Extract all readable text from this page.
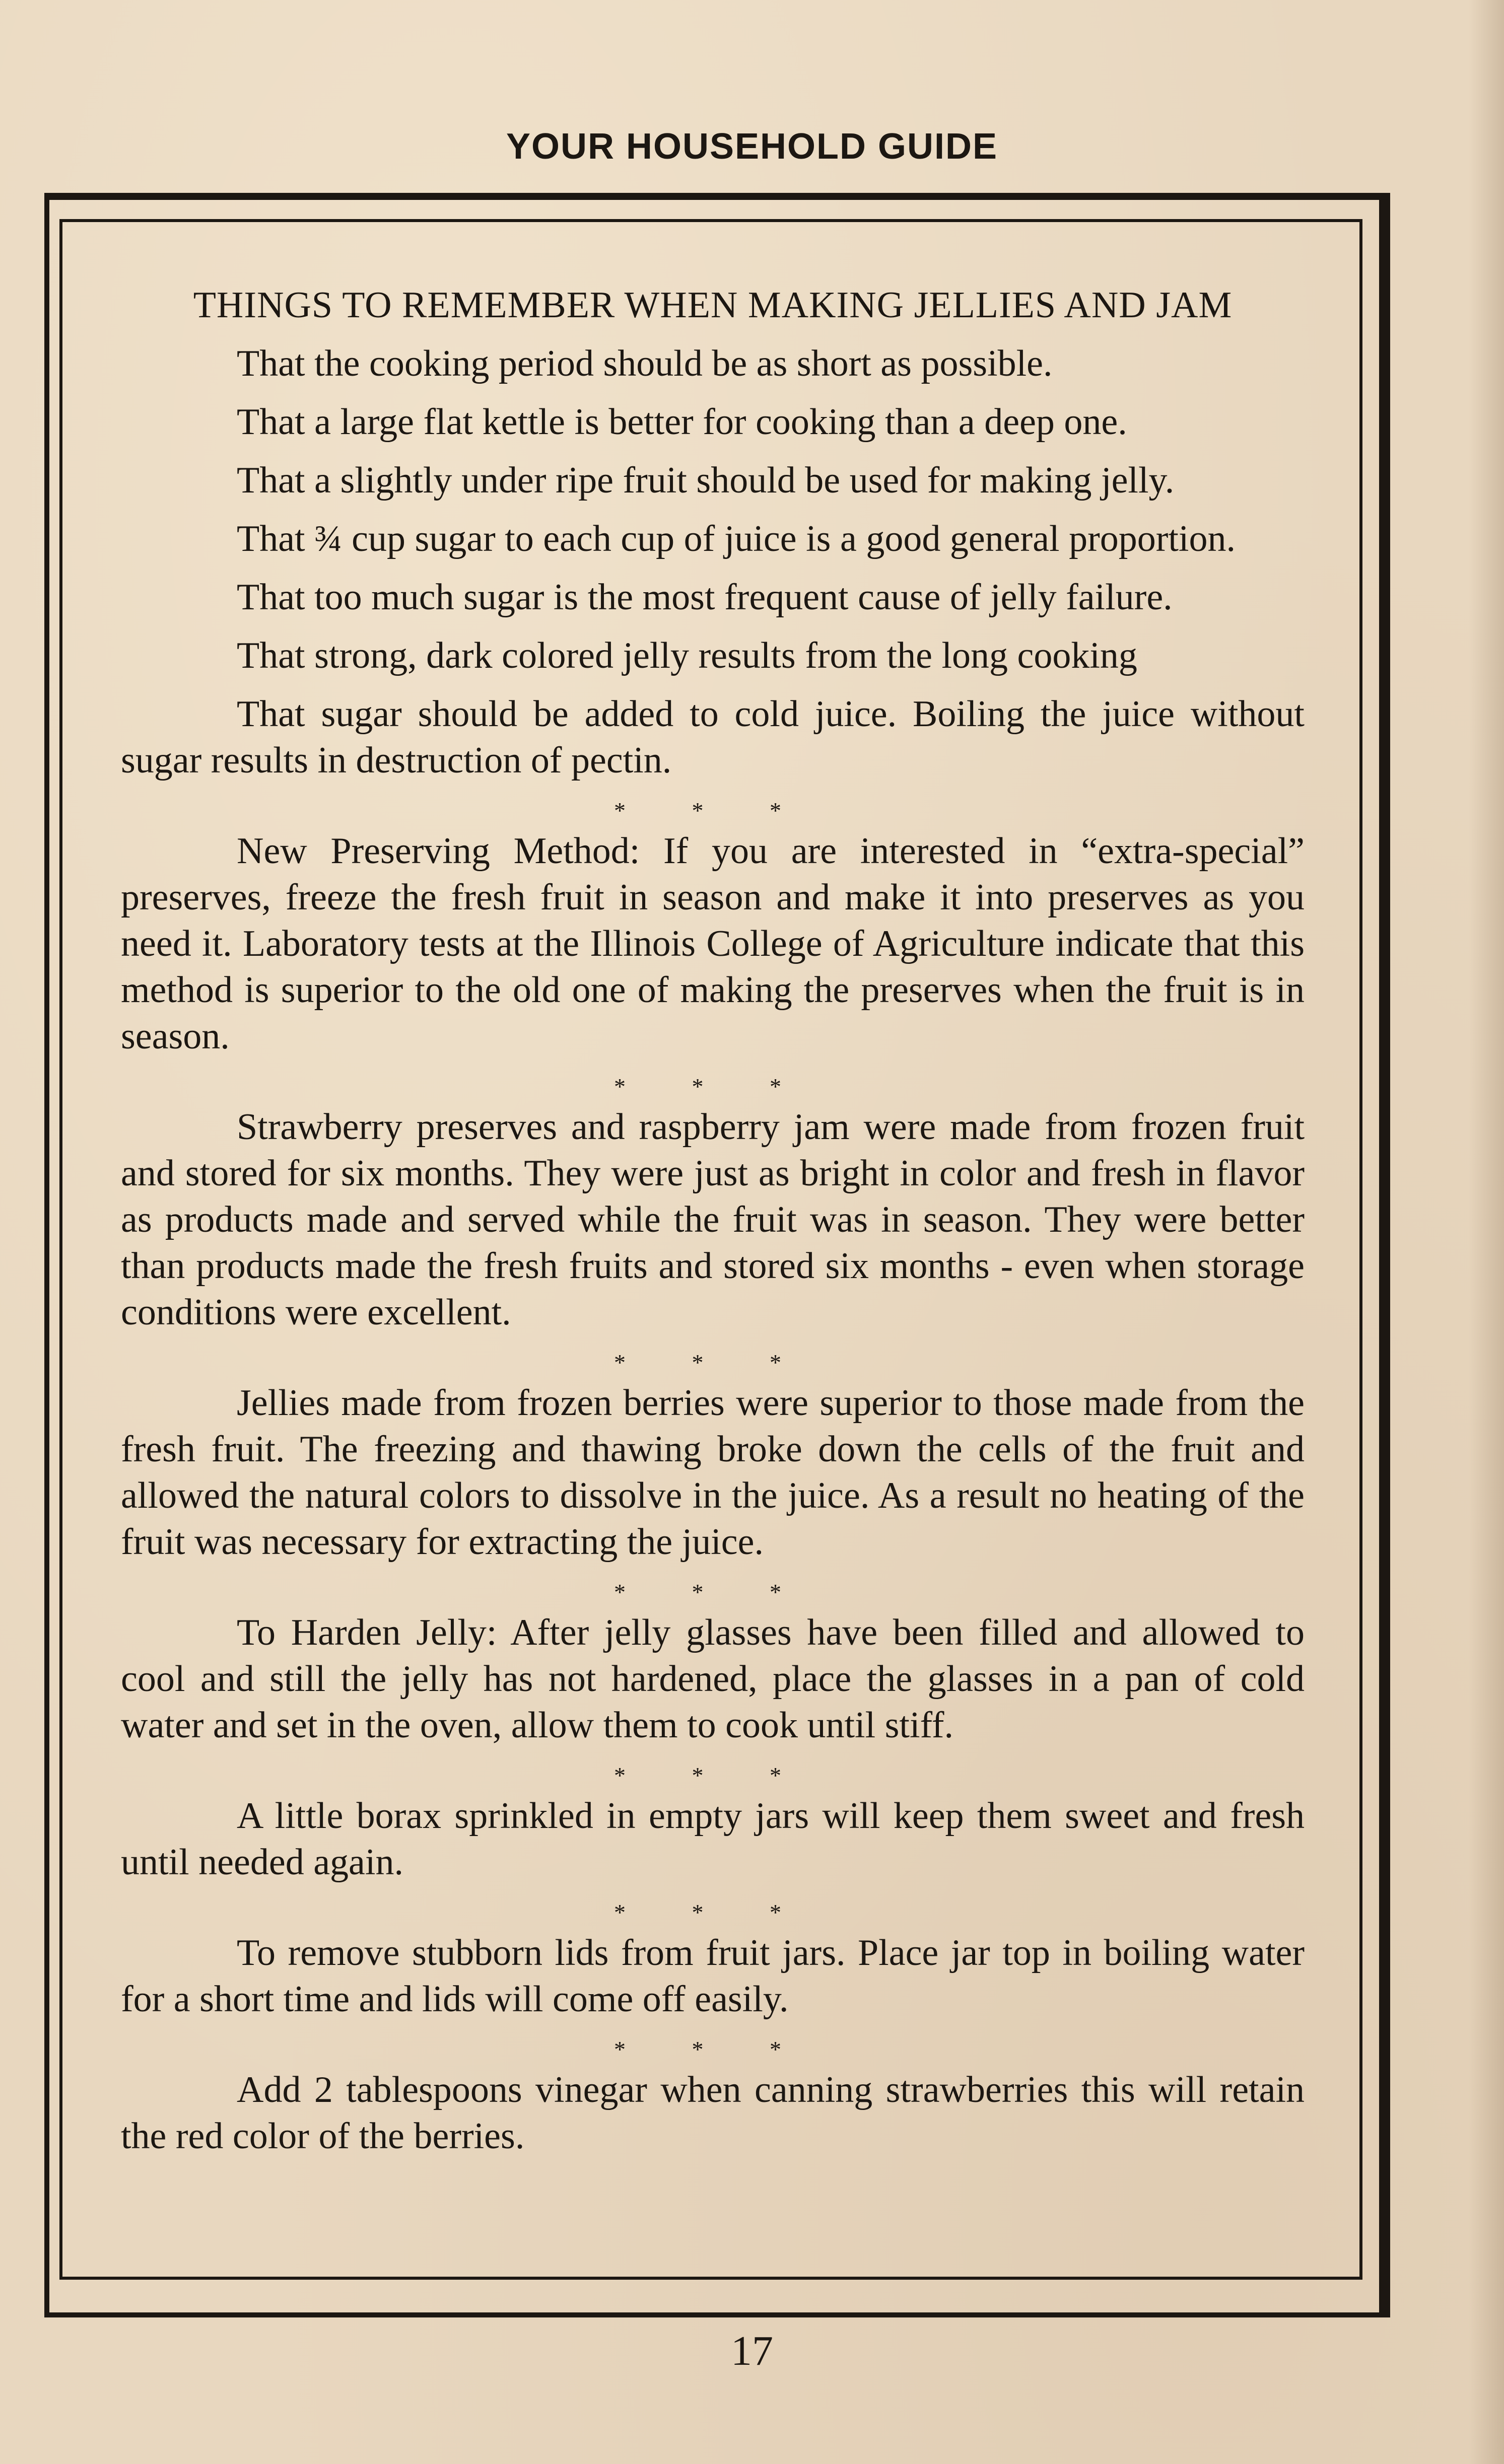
YOUR HOUSEHOLD GUIDE
THINGS TO REMEMBER WHEN MAKING JELLIES AND JAM

That the cooking period should be as short as possible.

That a large flat kettle is better for cooking than a deep one.

That a slightly under ripe fruit should be used for making jelly.

That ¾ cup sugar to each cup of juice is a good general proportion.

That too much sugar is the most frequent cause of jelly failure.

That strong, dark colored jelly results from the long cooking

That sugar should be added to cold juice. Boiling the juice without sugar results in destruction of pectin.

* * *

New Preserving Method: If you are interested in “extra-special” preserves, freeze the fresh fruit in season and make it into preserves as you need it. Laboratory tests at the Illinois College of Agriculture indicate that this method is superior to the old one of making the preserves when the fruit is in season.

* * *

Strawberry preserves and raspberry jam were made from frozen fruit and stored for six months. They were just as bright in color and fresh in flavor as products made and served while the fruit was in season. They were better than products made the fresh fruits and stored six months - even when storage conditions were excellent.

* * *

Jellies made from frozen berries were superior to those made from the fresh fruit. The freezing and thawing broke down the cells of the fruit and allowed the natural colors to dissolve in the juice. As a result no heating of the fruit was necessary for extracting the juice.

* * *

To Harden Jelly: After jelly glasses have been filled and allowed to cool and still the jelly has not hardened, place the glasses in a pan of cold water and set in the oven, allow them to cook until stiff.

* * *

A little borax sprinkled in empty jars will keep them sweet and fresh until needed again.

* * *

To remove stubborn lids from fruit jars. Place jar top in boiling water for a short time and lids will come off easily.

* * *

Add 2 tablespoons vinegar when canning strawberries this will retain the red color of the berries.

17
